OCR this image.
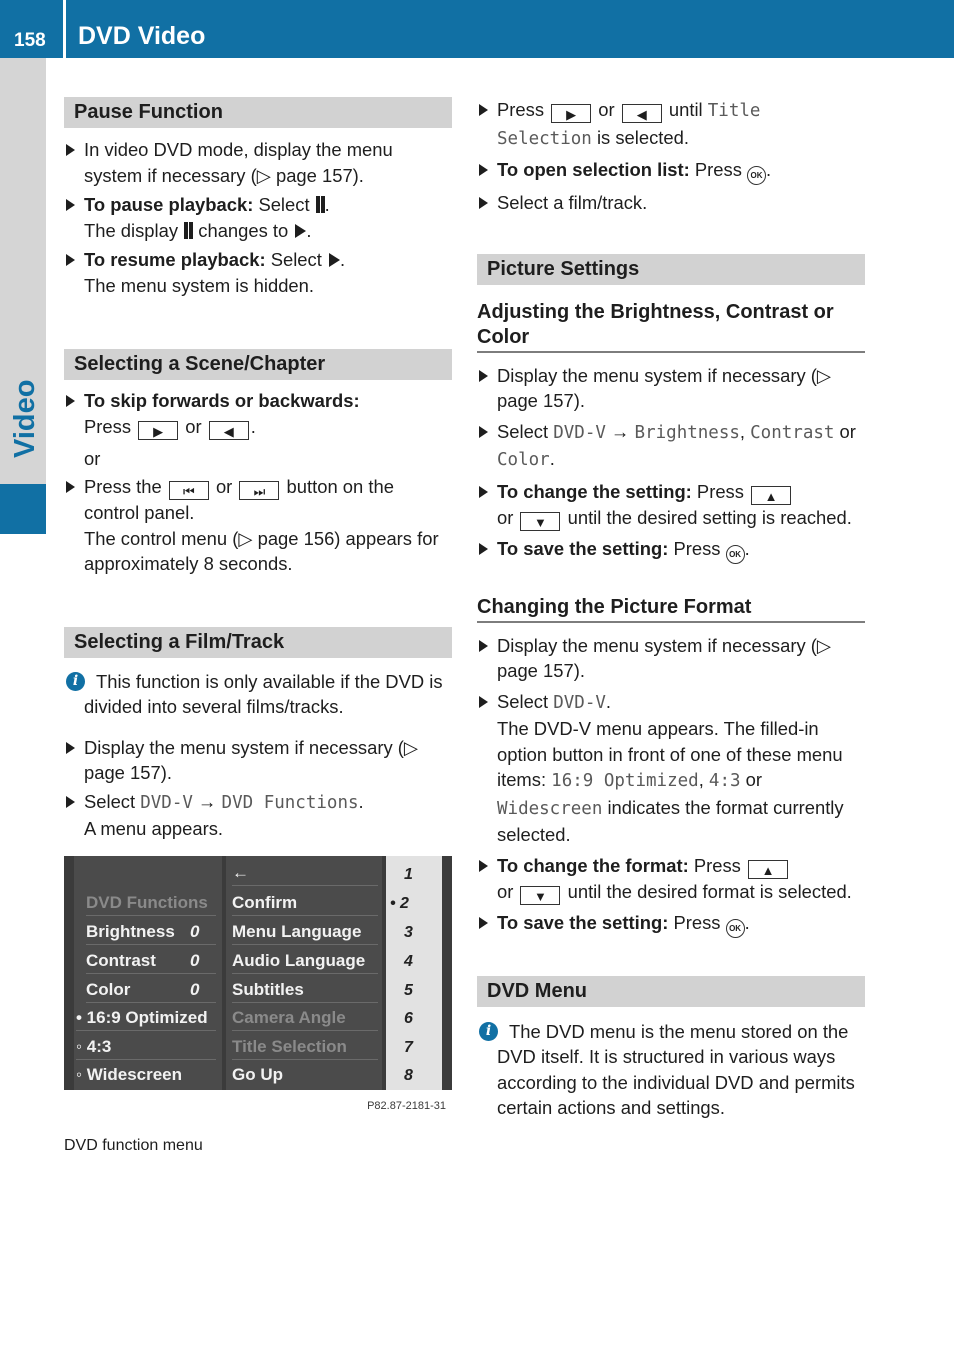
158 DVD Video
Video
Pause Function
In video DVD mode, display the menu system if necessary (▷ page 157).
To pause playback: Select .
The display  changes to .
To resume playback: Select .
The menu system is hidden.
Selecting a Scene/Chapter
To skip forwards or backwards:
Press ▶ or ◀ .
or
Press the ⏮ or ⏭ button on the control panel.
The control menu (▷ page 156) appears for approximately 8 seconds.
Selecting a Film/Track
i This function is only available if the DVD is divided into several films/tracks.
Display the menu system if necessary (▷ page 157).
Select DVD-V → DVD Functions.
A menu appears.
DVD Functions
Brightness
Contrast
Color
• 16:9 Optimized
◦ 4:3
◦ Widescreen
0
0
0
←
Confirm
Menu Language
Audio Language
Subtitles
Camera Angle
Title Selection
Go Up
1
• 2
3
4
5
6
7
8
P82.87-2181-31
DVD function menu
Press ▶ or ◀ until Title Selection is selected.
To open selection list: Press OK .
Select a film/track.
Picture Settings
Adjusting the Brightness, Contrast or Color
Display the menu system if necessary (▷ page 157).
Select DVD-V → Brightness, Contrast or Color.
To change the setting: Press ▲
or ▼ until the desired setting is reached.
To save the setting: Press OK .
Changing the Picture Format
Display the menu system if necessary (▷ page 157).
Select DVD-V.
The DVD-V menu appears. The filled-in option button in front of one of these menu items: 16:9 Optimized, 4:3 or Widescreen indicates the format currently selected.
To change the format: Press ▲
or ▼ until the desired format is selected.
To save the setting: Press OK .
DVD Menu
i The DVD menu is the menu stored on the DVD itself. It is structured in various ways according to the individual DVD and permits certain actions and settings.
